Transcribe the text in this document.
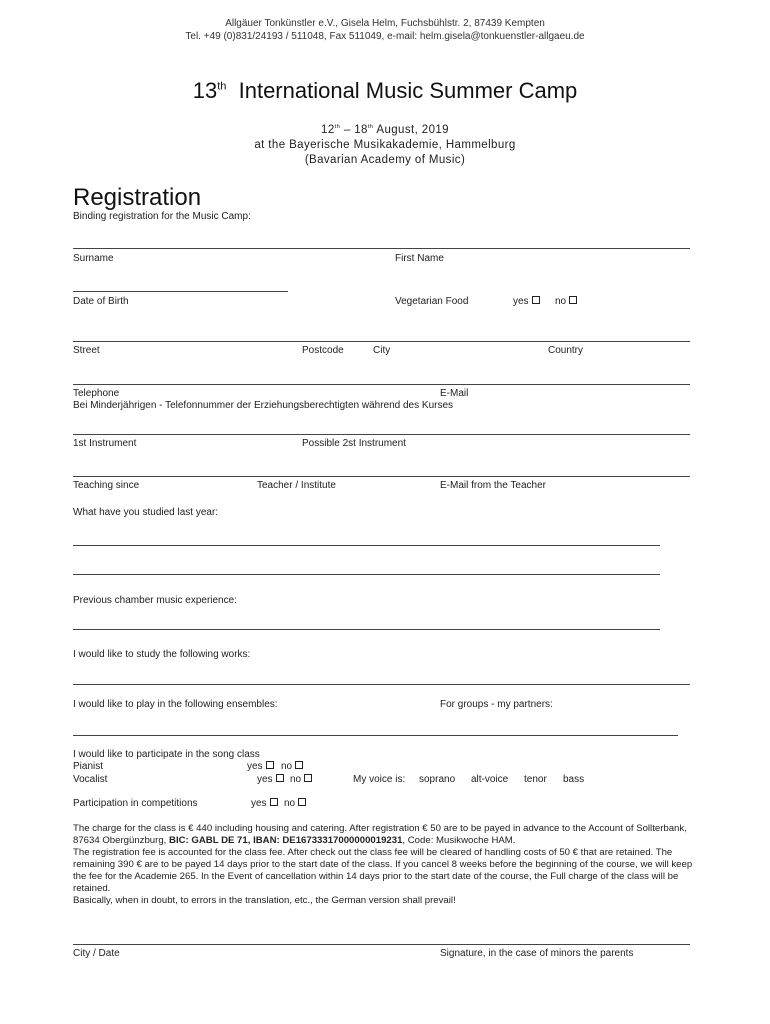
Allgäuer Tonkünstler e.V., Gisela Helm, Fuchsbühlstr. 2, 87439 Kempten
Tel. +49 (0)831/24193 / 511048, Fax 511049, e-mail: helm.gisela@tonkuenstler-allgaeu.de
13th International Music Summer Camp
12th – 18th August, 2019
at the Bayerische Musikakademie, Hammelburg
(Bavarian Academy of Music)
Registration
Binding registration for the Music Camp:
Surname	First Name
Date of Birth	Vegetarian Food	yes	no
Street	Postcode	City	Country
Telephone	E-Mail
Bei Minderjährigen - Telefonnummer der Erziehungsberechtigten während des Kurses
1st Instrument	Possible 2st Instrument
Teaching since	Teacher / Institute	E-Mail from the Teacher
What have you studied last year:
Previous chamber music experience:
I would like to study the following works:
I would like to play in the following ensembles:	For groups - my partners:
I would like to participate in the song class
Pianist	yes	no
Vocalist	yes	no	My voice is: soprano alt-voice tenor bass
Participation in competitions	yes	no

The charge for the class is € 440 including housing and catering. After registration € 50 are to be payed in advance to the Account of Sollterbank, 87634 Obergünzburg, BIC: GABL DE 71, IBAN: DE16733317000000019231, Code: Musikwoche HAM.

The registration fee is accounted for the class fee. After check out the class fee will be cleared of handling costs of 50 € that are retained. The remaining 390 € are to be payed 14 days prior to the start date of the class. If you cancel 8 weeks before the beginning of the course, we will keep the fee for the Academie 265. In the Event of cancellation within 14 days prior to the start date of the course, the Full charge of the class will be retained.

Basically, when in doubt, to errors in the translation, etc., the German version shall prevail!

City / Date	Signature, in the case of minors the parents
